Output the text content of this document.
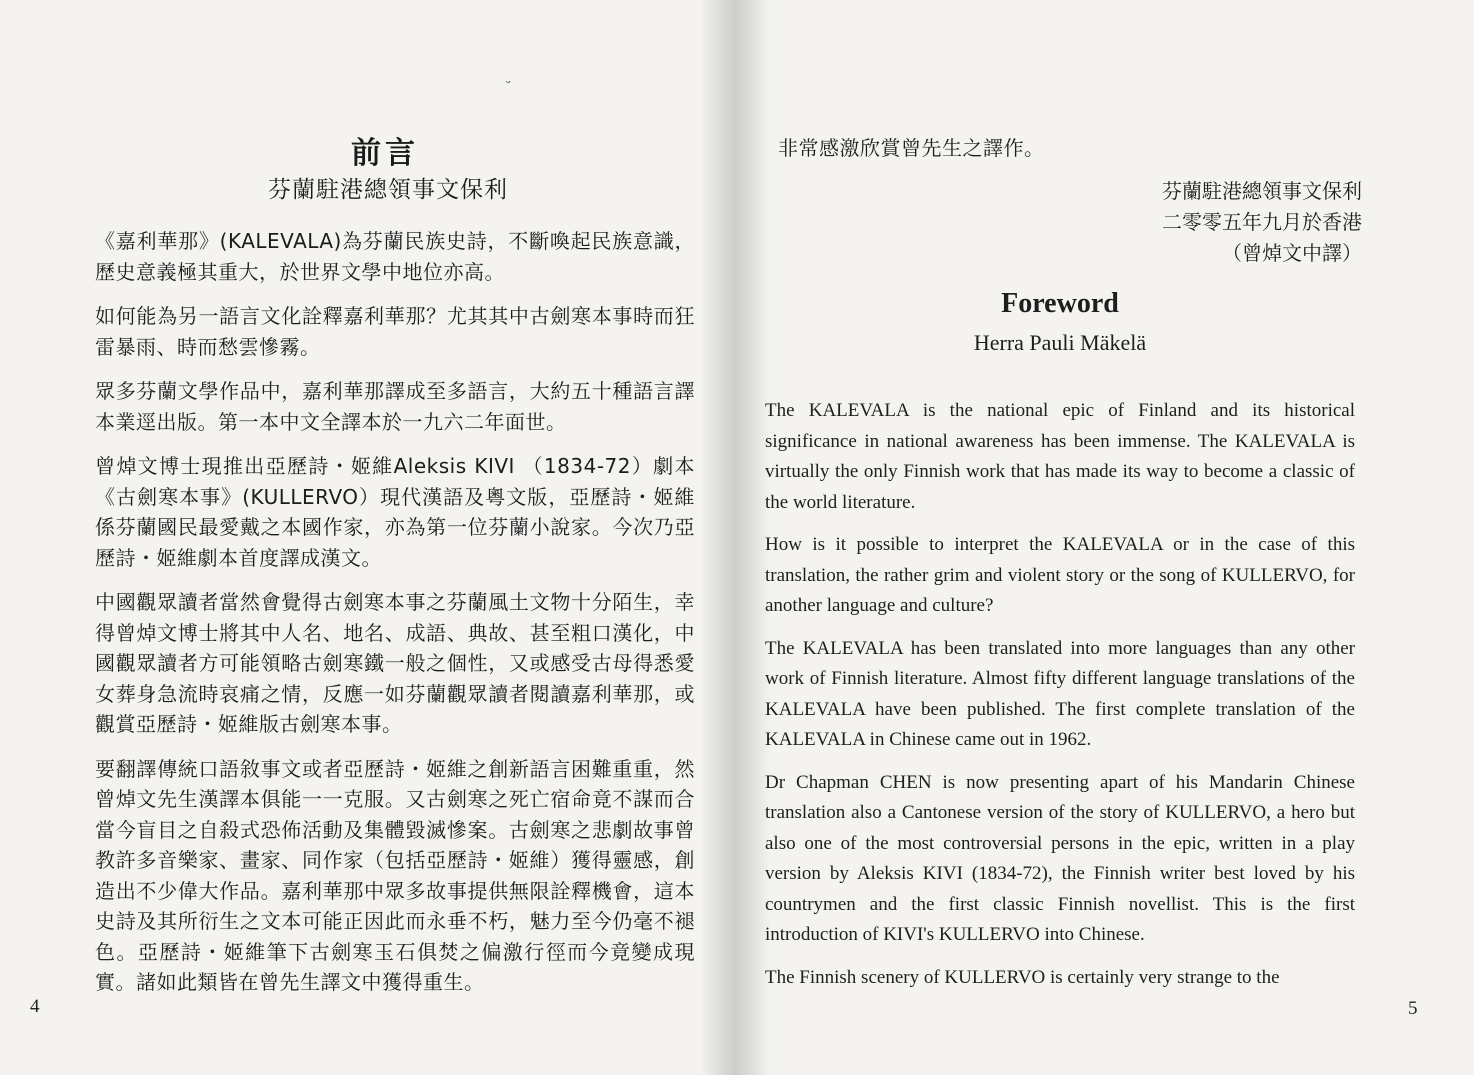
ᵕ
前言
芬蘭駐港總領事文保利

《嘉利華那》(KALEVALA)為芬蘭民族史詩，不斷喚起民族意識，歷史意義極其重大，於世界文學中地位亦高。

如何能為另一語言文化詮釋嘉利華那？尤其其中古劍寒本事時而狂雷暴雨、時而愁雲慘霧。

眾多芬蘭文學作品中，嘉利華那譯成至多語言，大約五十種語言譯本業逕出版。第一本中文全譯本於一九六二年面世。

曾焯文博士現推出亞歷詩・姬維Aleksis KIVI （1834-72）劇本《古劍寒本事》(KULLERVO）現代漢語及粵文版，亞歷詩・姬維係芬蘭國民最愛戴之本國作家，亦為第一位芬蘭小說家。今次乃亞歷詩・姬維劇本首度譯成漢文。

中國觀眾讀者當然會覺得古劍寒本事之芬蘭風土文物十分陌生，幸得曾焯文博士將其中人名、地名、成語、典故、甚至粗口漢化，中國觀眾讀者方可能領略古劍寒鐵一般之個性，又或感受古母得悉愛女葬身急流時哀痛之情，反應一如芬蘭觀眾讀者閱讀嘉利華那，或觀賞亞歷詩・姬維版古劍寒本事。

要翻譯傳統口語敘事文或者亞歷詩・姬維之創新語言困難重重，然曾焯文先生漢譯本俱能一一克服。又古劍寒之死亡宿命竟不謀而合當今盲目之自殺式恐佈活動及集體毀滅慘案。古劍寒之悲劇故事曾教許多音樂家、畫家、同作家（包括亞歷詩・姬維）獲得靈感，創造出不少偉大作品。嘉利華那中眾多故事提供無限詮釋機會，這本史詩及其所衍生之文本可能正因此而永垂不朽，魅力至今仍毫不褪色。亞歷詩・姬維筆下古劍寒玉石俱焚之偏激行徑而今竟變成現實。諸如此類皆在曾先生譯文中獲得重生。

4
非常感激欣賞曾先生之譯作。
芬蘭駐港總領事文保利
二零零五年九月於香港
（曾焯文中譯）
Foreword
Herra Pauli Mäkelä

The KALEVALA is the national epic of Finland and its historical significance in national awareness has been immense. The KALEVALA is virtually the only Finnish work that has made its way to become a classic of the world literature.

How is it possible to interpret the KALEVALA or in the case of this translation, the rather grim and violent story or the song of KULLERVO, for another language and culture?

The KALEVALA has been translated into more languages than any other work of Finnish literature. Almost fifty different language translations of the KALEVALA have been published. The first complete translation of the KALEVALA in Chinese came out in 1962.

Dr Chapman CHEN is now presenting apart of his Mandarin Chinese translation also a Cantonese version of the story of KULLERVO, a hero but also one of the most controversial persons in the epic, written in a play version by Aleksis KIVI (1834-72), the Finnish writer best loved by his countrymen and the first classic Finnish novellist. This is the first introduction of KIVI's KULLERVO into Chinese.

The Finnish scenery of KULLERVO is certainly very strange to the

5
